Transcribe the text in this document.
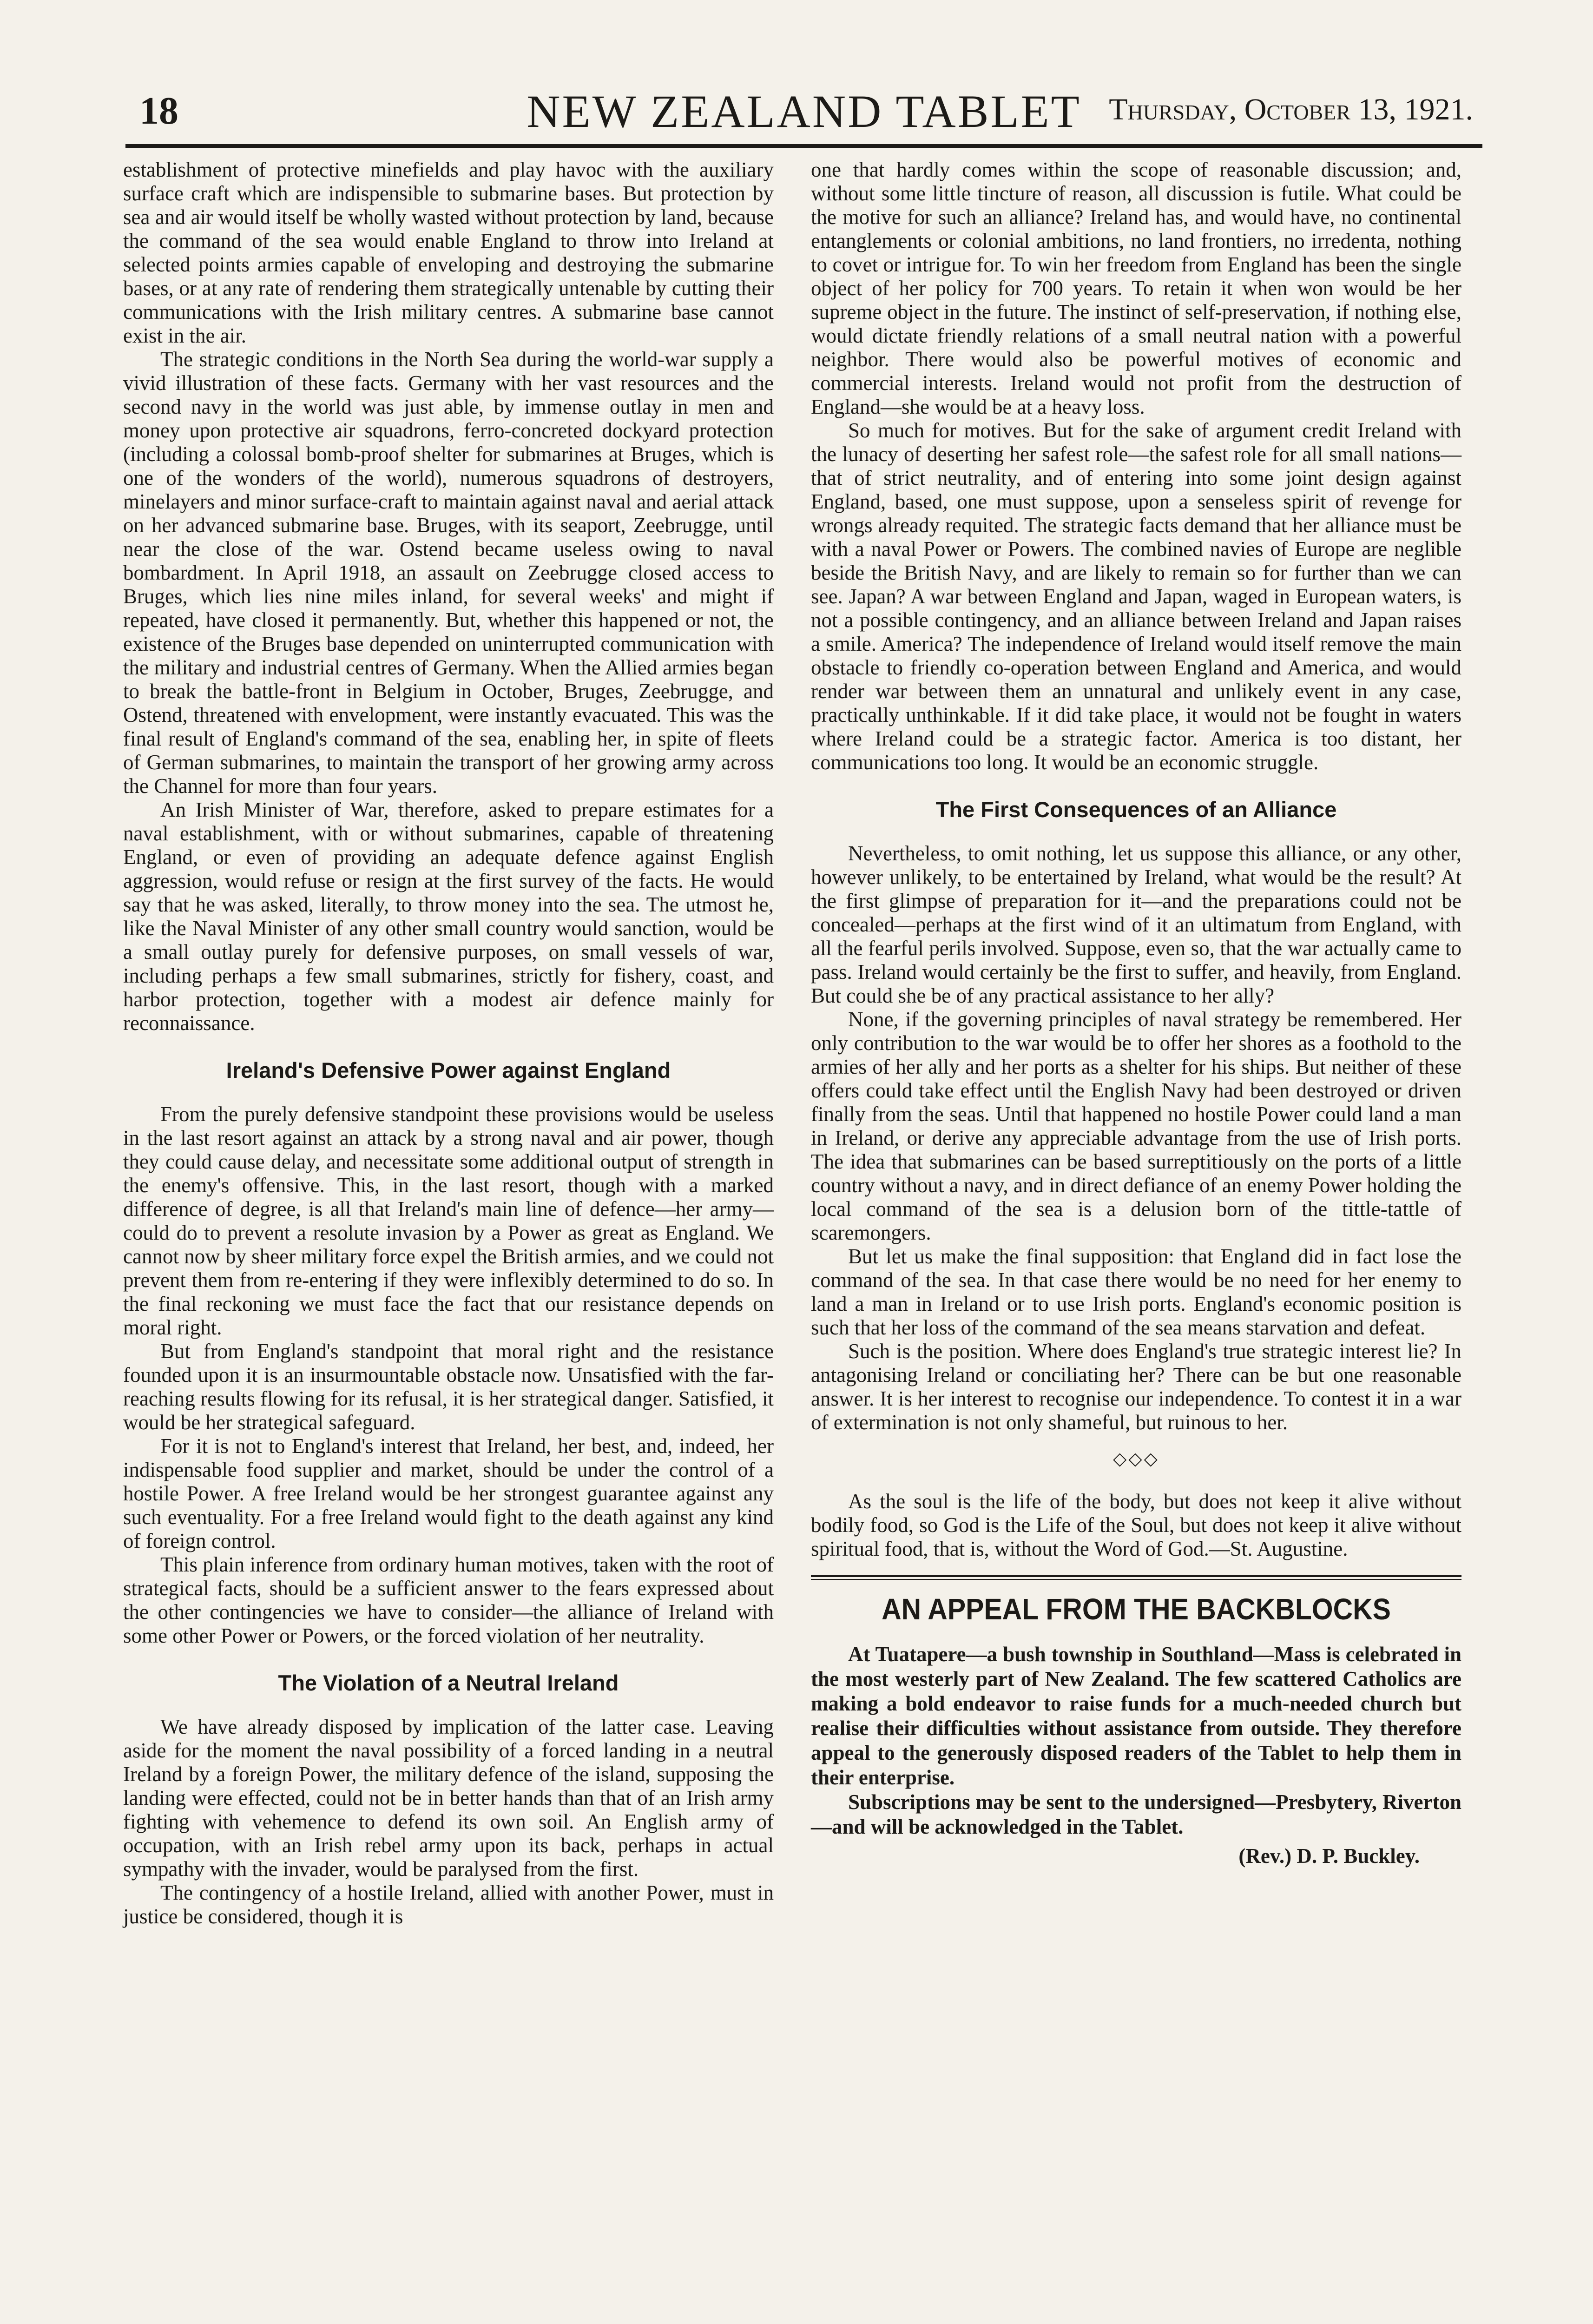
18	NEW ZEALAND TABLET Thursday, October 13, 1921.

establishment of protective minefields and play havoc with the auxiliary surface craft which are indispensible to submarine bases. But protection by sea and air would itself be wholly wasted without protection by land, because the command of the sea would enable England to throw into Ireland at selected points armies capable of enveloping and destroying the submarine bases, or at any rate of rendering them strategically untenable by cutting their communications with the Irish military centres. A submarine base cannot exist in the air.

The strategic conditions in the North Sea during the world-war supply a vivid illustration of these facts. Germany with her vast resources and the second navy in the world was just able, by immense outlay in men and money upon protective air squadrons, ferro-concreted dockyard protection (including a colossal bomb-proof shelter for submarines at Bruges, which is one of the wonders of the world), numerous squadrons of destroyers, minelayers and minor surface-craft to maintain against naval and aerial attack on her advanced submarine base. Bruges, with its seaport, Zeebrugge, until near the close of the war. Ostend became useless owing to naval bombardment. In April 1918, an assault on Zeebrugge closed access to Bruges, which lies nine miles inland, for several weeks' and might if repeated, have closed it permanently. But, whether this happened or not, the existence of the Bruges base depended on uninterrupted communication with the military and industrial centres of Germany. When the Allied armies began to break the battle-front in Belgium in October, Bruges, Zeebrugge, and Ostend, threatened with envelopment, were instantly evacuated. This was the final result of England's command of the sea, enabling her, in spite of fleets of German submarines, to maintain the transport of her growing army across the Channel for more than four years.

An Irish Minister of War, therefore, asked to prepare estimates for a naval establishment, with or without submarines, capable of threatening England, or even of providing an adequate defence against English aggression, would refuse or resign at the first survey of the facts. He would say that he was asked, literally, to throw money into the sea. The utmost he, like the Naval Minister of any other small country would sanction, would be a small outlay purely for defensive purposes, on small vessels of war, including perhaps a few small submarines, strictly for fishery, coast, and harbor protection, together with a modest air defence mainly for reconnaissance.

Ireland's Defensive Power against England

From the purely defensive standpoint these provisions would be useless in the last resort against an attack by a strong naval and air power, though they could cause delay, and necessitate some additional output of strength in the enemy's offensive. This, in the last resort, though with a marked difference of degree, is all that Ireland's main line of defence—her army—could do to prevent a resolute invasion by a Power as great as England. We cannot now by sheer military force expel the British armies, and we could not prevent them from re-entering if they were inflexibly determined to do so. In the final reckoning we must face the fact that our resistance depends on moral right.

But from England's standpoint that moral right and the resistance founded upon it is an insurmountable obstacle now. Unsatisfied with the far-reaching results flowing for its refusal, it is her strategical danger. Satisfied, it would be her strategical safeguard.

For it is not to England's interest that Ireland, her best, and, indeed, her indispensable food supplier and market, should be under the control of a hostile Power. A free Ireland would be her strongest guarantee against any such eventuality. For a free Ireland would fight to the death against any kind of foreign control.

This plain inference from ordinary human motives, taken with the root of strategical facts, should be a sufficient answer to the fears expressed about the other contingencies we have to consider—the alliance of Ireland with some other Power or Powers, or the forced violation of her neutrality.

The Violation of a Neutral Ireland

We have already disposed by implication of the latter case. Leaving aside for the moment the naval possibility of a forced landing in a neutral Ireland by a foreign Power, the military defence of the island, supposing the landing were effected, could not be in better hands than that of an Irish army fighting with vehemence to defend its own soil. An English army of occupation, with an Irish rebel army upon its back, perhaps in actual sympathy with the invader, would be paralysed from the first.

The contingency of a hostile Ireland, allied with another Power, must in justice be considered, though it is

one that hardly comes within the scope of reasonable discussion; and, without some little tincture of reason, all discussion is futile. What could be the motive for such an alliance? Ireland has, and would have, no continental entanglements or colonial ambitions, no land frontiers, no irredenta, nothing to covet or intrigue for. To win her freedom from England has been the single object of her policy for 700 years. To retain it when won would be her supreme object in the future. The instinct of self-preservation, if nothing else, would dictate friendly relations of a small neutral nation with a powerful neighbor. There would also be powerful motives of economic and commercial interests. Ireland would not profit from the destruction of England—she would be at a heavy loss.

So much for motives. But for the sake of argument credit Ireland with the lunacy of deserting her safest role—the safest role for all small nations—that of strict neutrality, and of entering into some joint design against England, based, one must suppose, upon a senseless spirit of revenge for wrongs already requited. The strategic facts demand that her alliance must be with a naval Power or Powers. The combined navies of Europe are neglible beside the British Navy, and are likely to remain so for further than we can see. Japan? A war between England and Japan, waged in European waters, is not a possible contingency, and an alliance between Ireland and Japan raises a smile. America? The independence of Ireland would itself remove the main obstacle to friendly co-operation between England and America, and would render war between them an unnatural and unlikely event in any case, practically unthinkable. If it did take place, it would not be fought in waters where Ireland could be a strategic factor. America is too distant, her communications too long. It would be an economic struggle.

The First Consequences of an Alliance

Nevertheless, to omit nothing, let us suppose this alliance, or any other, however unlikely, to be entertained by Ireland, what would be the result? At the first glimpse of preparation for it—and the preparations could not be concealed—perhaps at the first wind of it an ultimatum from England, with all the fearful perils involved. Suppose, even so, that the war actually came to pass. Ireland would certainly be the first to suffer, and heavily, from England. But could she be of any practical assistance to her ally?

None, if the governing principles of naval strategy be remembered. Her only contribution to the war would be to offer her shores as a foothold to the armies of her ally and her ports as a shelter for his ships. But neither of these offers could take effect until the English Navy had been destroyed or driven finally from the seas. Until that happened no hostile Power could land a man in Ireland, or derive any appreciable advantage from the use of Irish ports. The idea that submarines can be based surreptitiously on the ports of a little country without a navy, and in direct defiance of an enemy Power holding the local command of the sea is a delusion born of the tittle-tattle of scaremongers.

But let us make the final supposition: that England did in fact lose the command of the sea. In that case there would be no need for her enemy to land a man in Ireland or to use Irish ports. England's economic position is such that her loss of the command of the sea means starvation and defeat.

Such is the position. Where does England's true strategic interest lie? In antagonising Ireland or conciliating her? There can be but one reasonable answer. It is her interest to recognise our independence. To contest it in a war of extermination is not only shameful, but ruinous to her.

◇◇◇

As the soul is the life of the body, but does not keep it alive without bodily food, so God is the Life of the Soul, but does not keep it alive without spiritual food, that is, without the Word of God.—St. Augustine.

AN APPEAL FROM THE BACKBLOCKS

At Tuatapere—a bush township in Southland—Mass is celebrated in the most westerly part of New Zealand. The few scattered Catholics are making a bold endeavor to raise funds for a much-needed church but realise their difficulties without assistance from outside. They therefore appeal to the generously disposed readers of the Tablet to help them in their enterprise.

Subscriptions may be sent to the undersigned—Presbytery, Riverton—and will be acknowledged in the Tablet.

(Rev.) D. P. Buckley.
